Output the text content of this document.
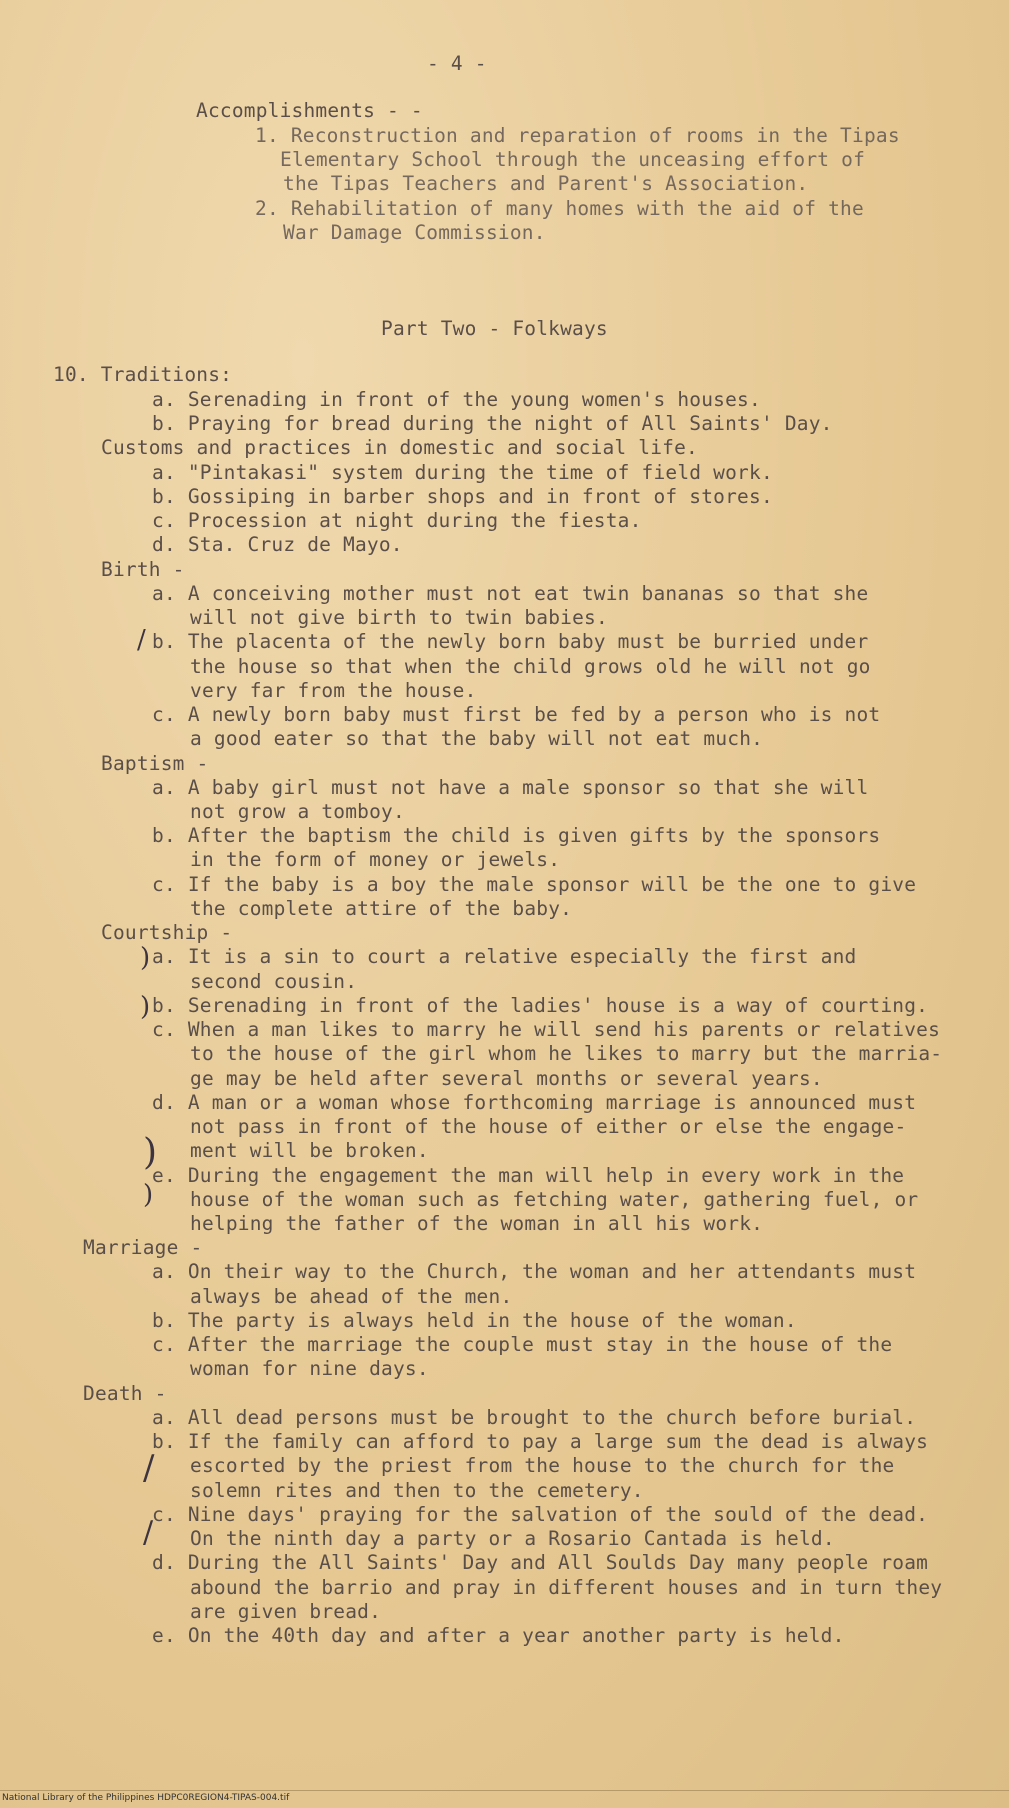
- 4 -
Accomplishments - -
1. Reconstruction and reparation of rooms in the Tipas
Elementary School through the unceasing effort of
the Tipas Teachers and Parent's Association.
2. Rehabilitation of many homes with the aid of the
War Damage Commission.
Part Two - Folkways
10. Traditions:
a. Serenading in front of the young women's houses.
b. Praying for bread during the night of All Saints' Day.
Customs and practices in domestic and social life.
a. "Pintakasi" system during the time of field work.
b. Gossiping in barber shops and in front of stores.
c. Procession at night during the fiesta.
d. Sta. Cruz de Mayo.
Birth -
a. A conceiving mother must not eat twin bananas so that she
will not give birth to twin babies.
b. The placenta of the newly born baby must be burried under
the house so that when the child grows old he will not go
very far from the house.
c. A newly born baby must first be fed by a person who is not
a good eater so that the baby will not eat much.
Baptism -
a. A baby girl must not have a male sponsor so that she will
not grow a tomboy.
b. After the baptism the child is given gifts by the sponsors
in the form of money or jewels.
c. If the baby is a boy the male sponsor will be the one to give
the complete attire of the baby.
Courtship -
a. It is a sin to court a relative especially the first and
second cousin.
b. Serenading in front of the ladies' house is a way of courting.
c. When a man likes to marry he will send his parents or relatives
to the house of the girl whom he likes to marry but the marria-
ge may be held after several months or several years.
d. A man or a woman whose forthcoming marriage is announced must
not pass in front of the house of either or else the engage-
ment will be broken.
e. During the engagement the man will help in every work in the
house of the woman such as fetching water, gathering fuel, or
helping the father of the woman in all his work.
Marriage -
a. On their way to the Church, the woman and her attendants must
always be ahead of the men.
b. The party is always held in the house of the woman.
c. After the marriage the couple must stay in the house of the
woman for nine days.
Death -
a. All dead persons must be brought to the church before burial.
b. If the family can afford to pay a large sum the dead is always
escorted by the priest from the house to the church for the
solemn rites and then to the cemetery.
c. Nine days' praying for the salvation of the sould of the dead.
On the ninth day a party or a Rosario Cantada is held.
d. During the All Saints' Day and All Soulds Day many people roam
abound the barrio and pray in different houses and in turn they
are given bread.
e. On the 40th day and after a year another party is held.
/
)
)
)
)
/
/
National Library of the Philippines HDPC0REGION4-TIPAS-004.tif
